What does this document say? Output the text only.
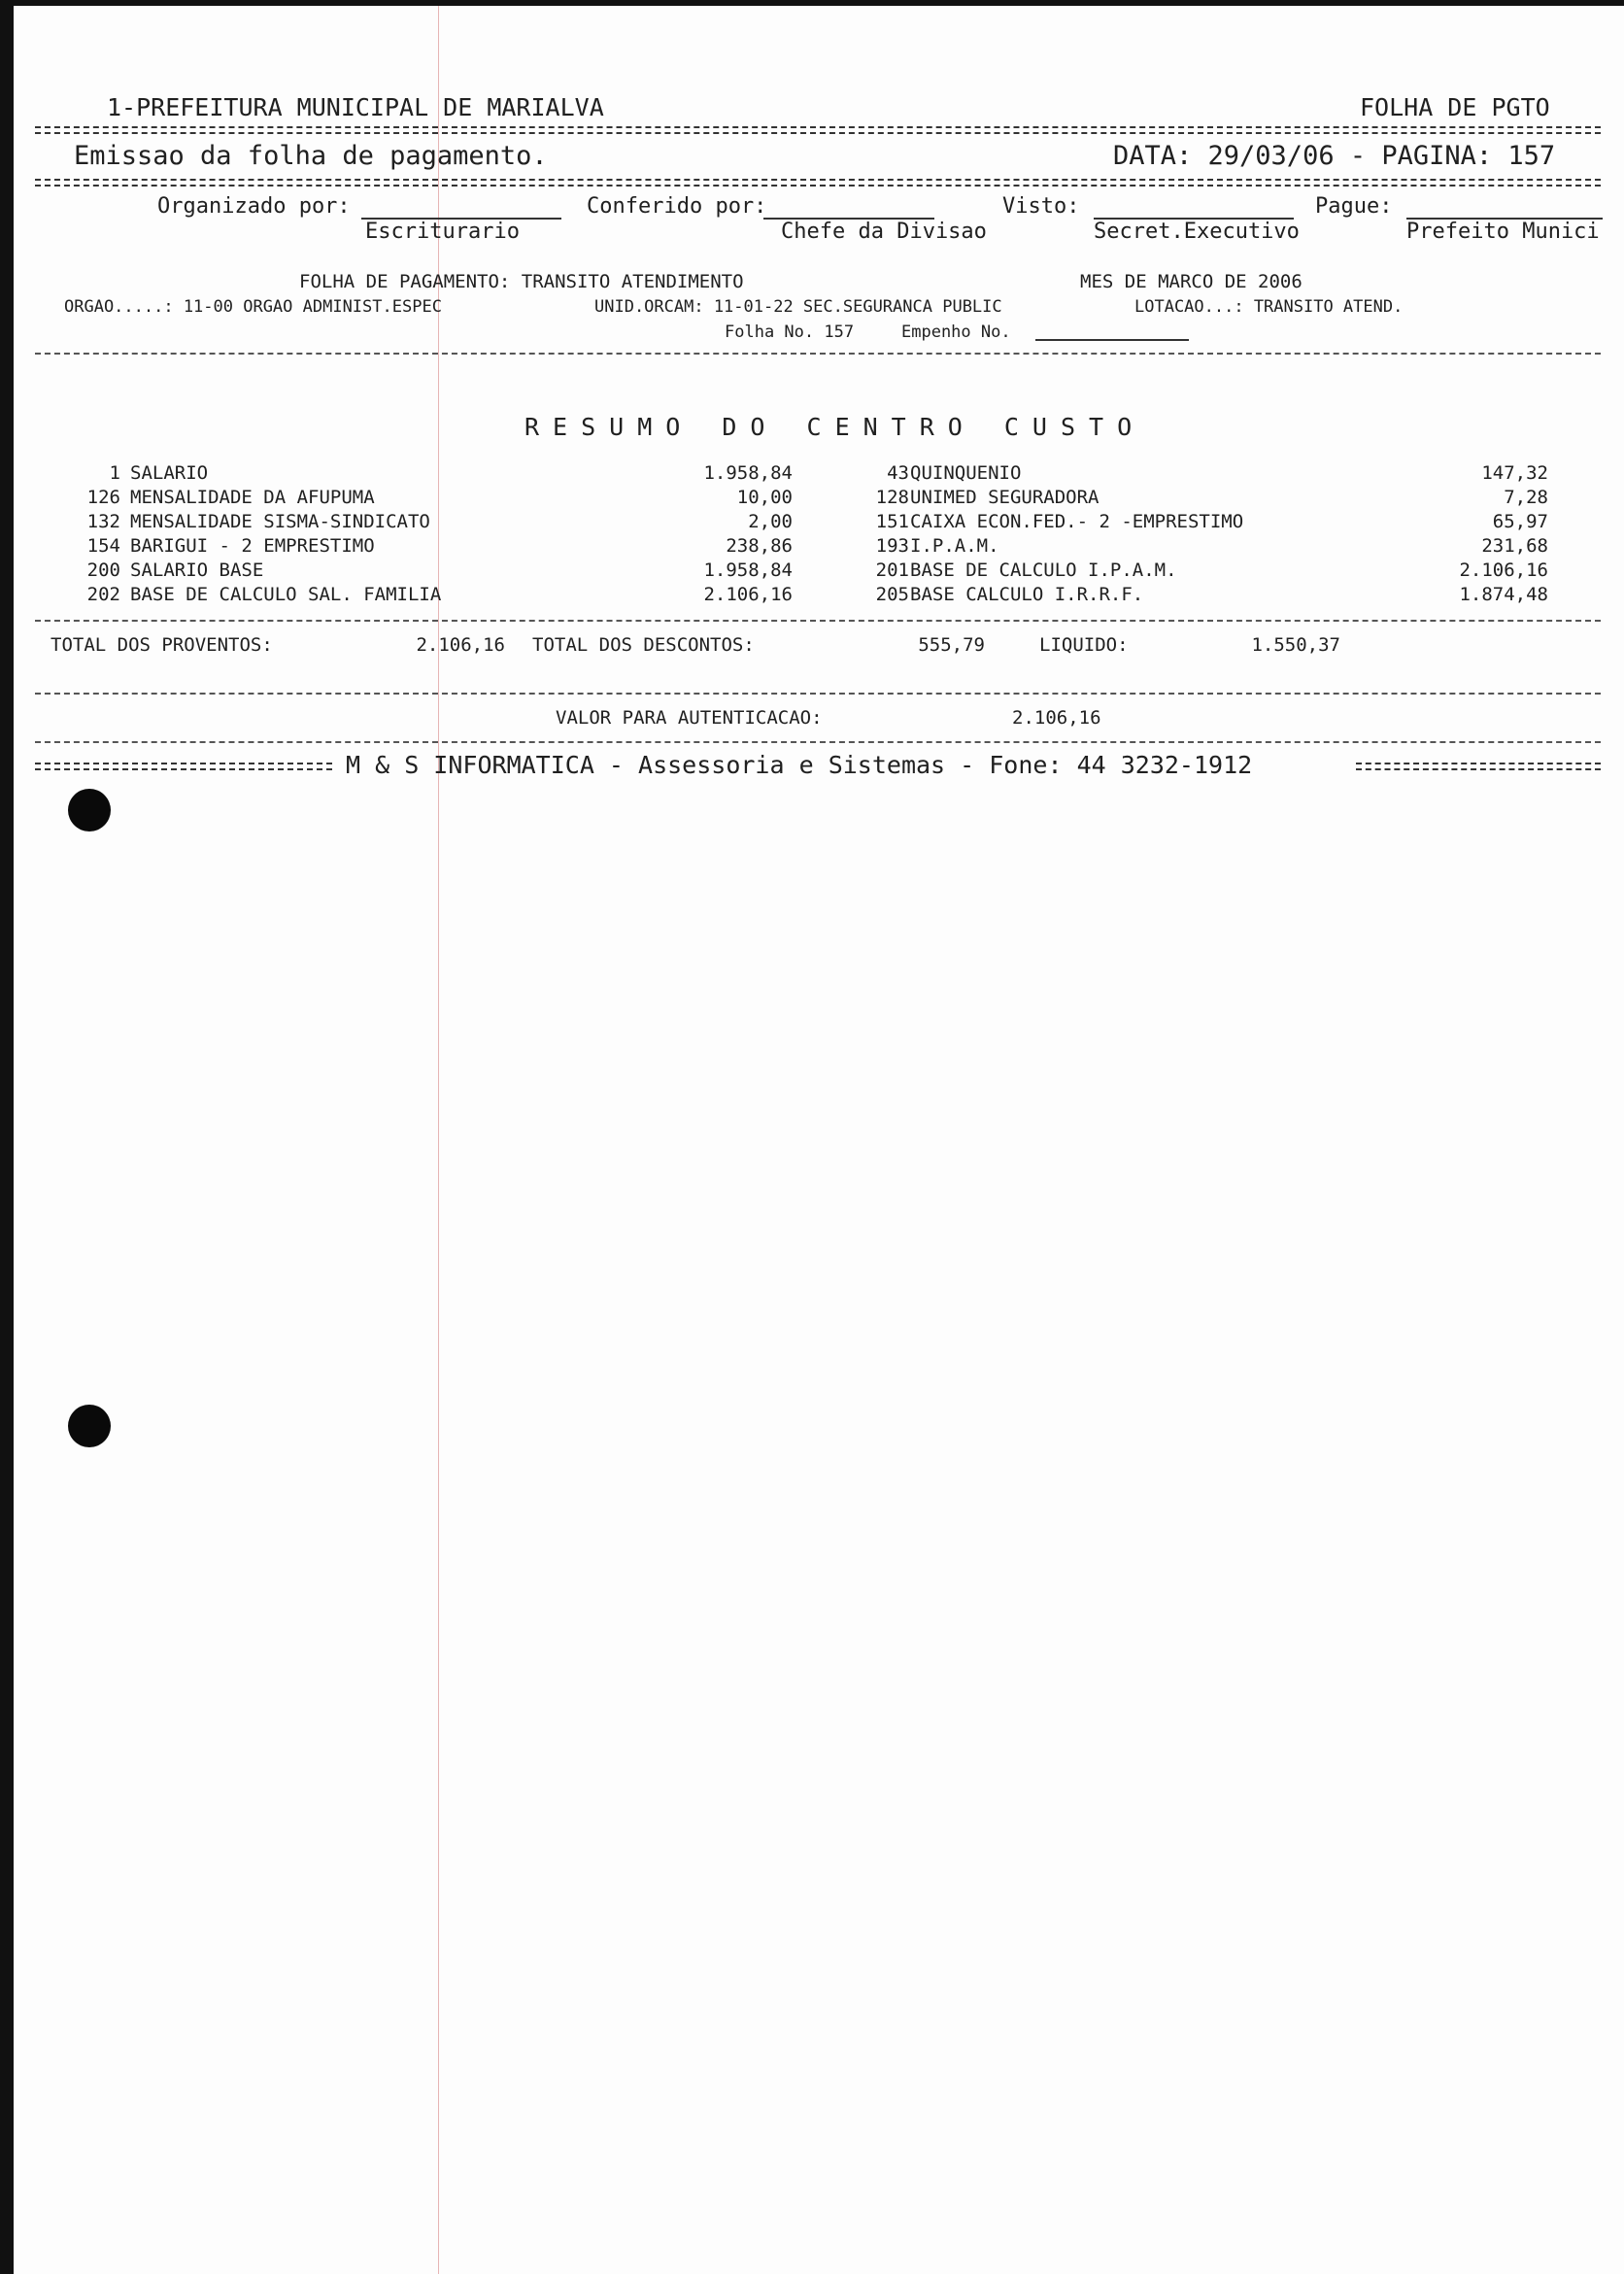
1-PREFEITURA MUNICIPAL DE MARIALVA	FOLHA DE PGTO
Emissao da folha de pagamento.	DATA: 29/03/06 - PAGINA: 157
Organizado por:	Conferido por:	Visto:	Pague:
Escriturario	Chefe da Divisao	Secret.Executivo	Prefeito Munici
FOLHA DE PAGAMENTO: TRANSITO ATENDIMENTO	MES DE MARCO DE 2006
ORGAO.....: 11-00 ORGAO ADMINIST.ESPEC	UNID.ORCAM: 11-01-22 SEC.SEGURANCA PUBLIC	LOTACAO...: TRANSITO ATEND.
Folha No. 157	Empenho No.
RESUMO DO CENTRO CUSTO
1 SALARIO	1.958,84
126 MENSALIDADE DA AFUPUMA	10,00
132 MENSALIDADE SISMA-SINDICATO	2,00
154 BARIGUI - 2 EMPRESTIMO	238,86
200 SALARIO BASE	1.958,84
202 BASE DE CALCULO SAL. FAMILIA	2.106,16
43 QUINQUENIO	147,32
128 UNIMED SEGURADORA	7,28
151 CAIXA ECON.FED.- 2 -EMPRESTIMO	65,97
193 I.P.A.M.	231,68
201 BASE DE CALCULO I.P.A.M.	2.106,16
205 BASE CALCULO I.R.R.F.	1.874,48
TOTAL DOS PROVENTOS:	2.106,16 TOTAL DOS DESCONTOS:	555,79	LIQUIDO:	1.550,37
VALOR PARA AUTENTICACAO:	2.106,16
M & S INFORMATICA - Assessoria e Sistemas - Fone: 44 3232-1912
